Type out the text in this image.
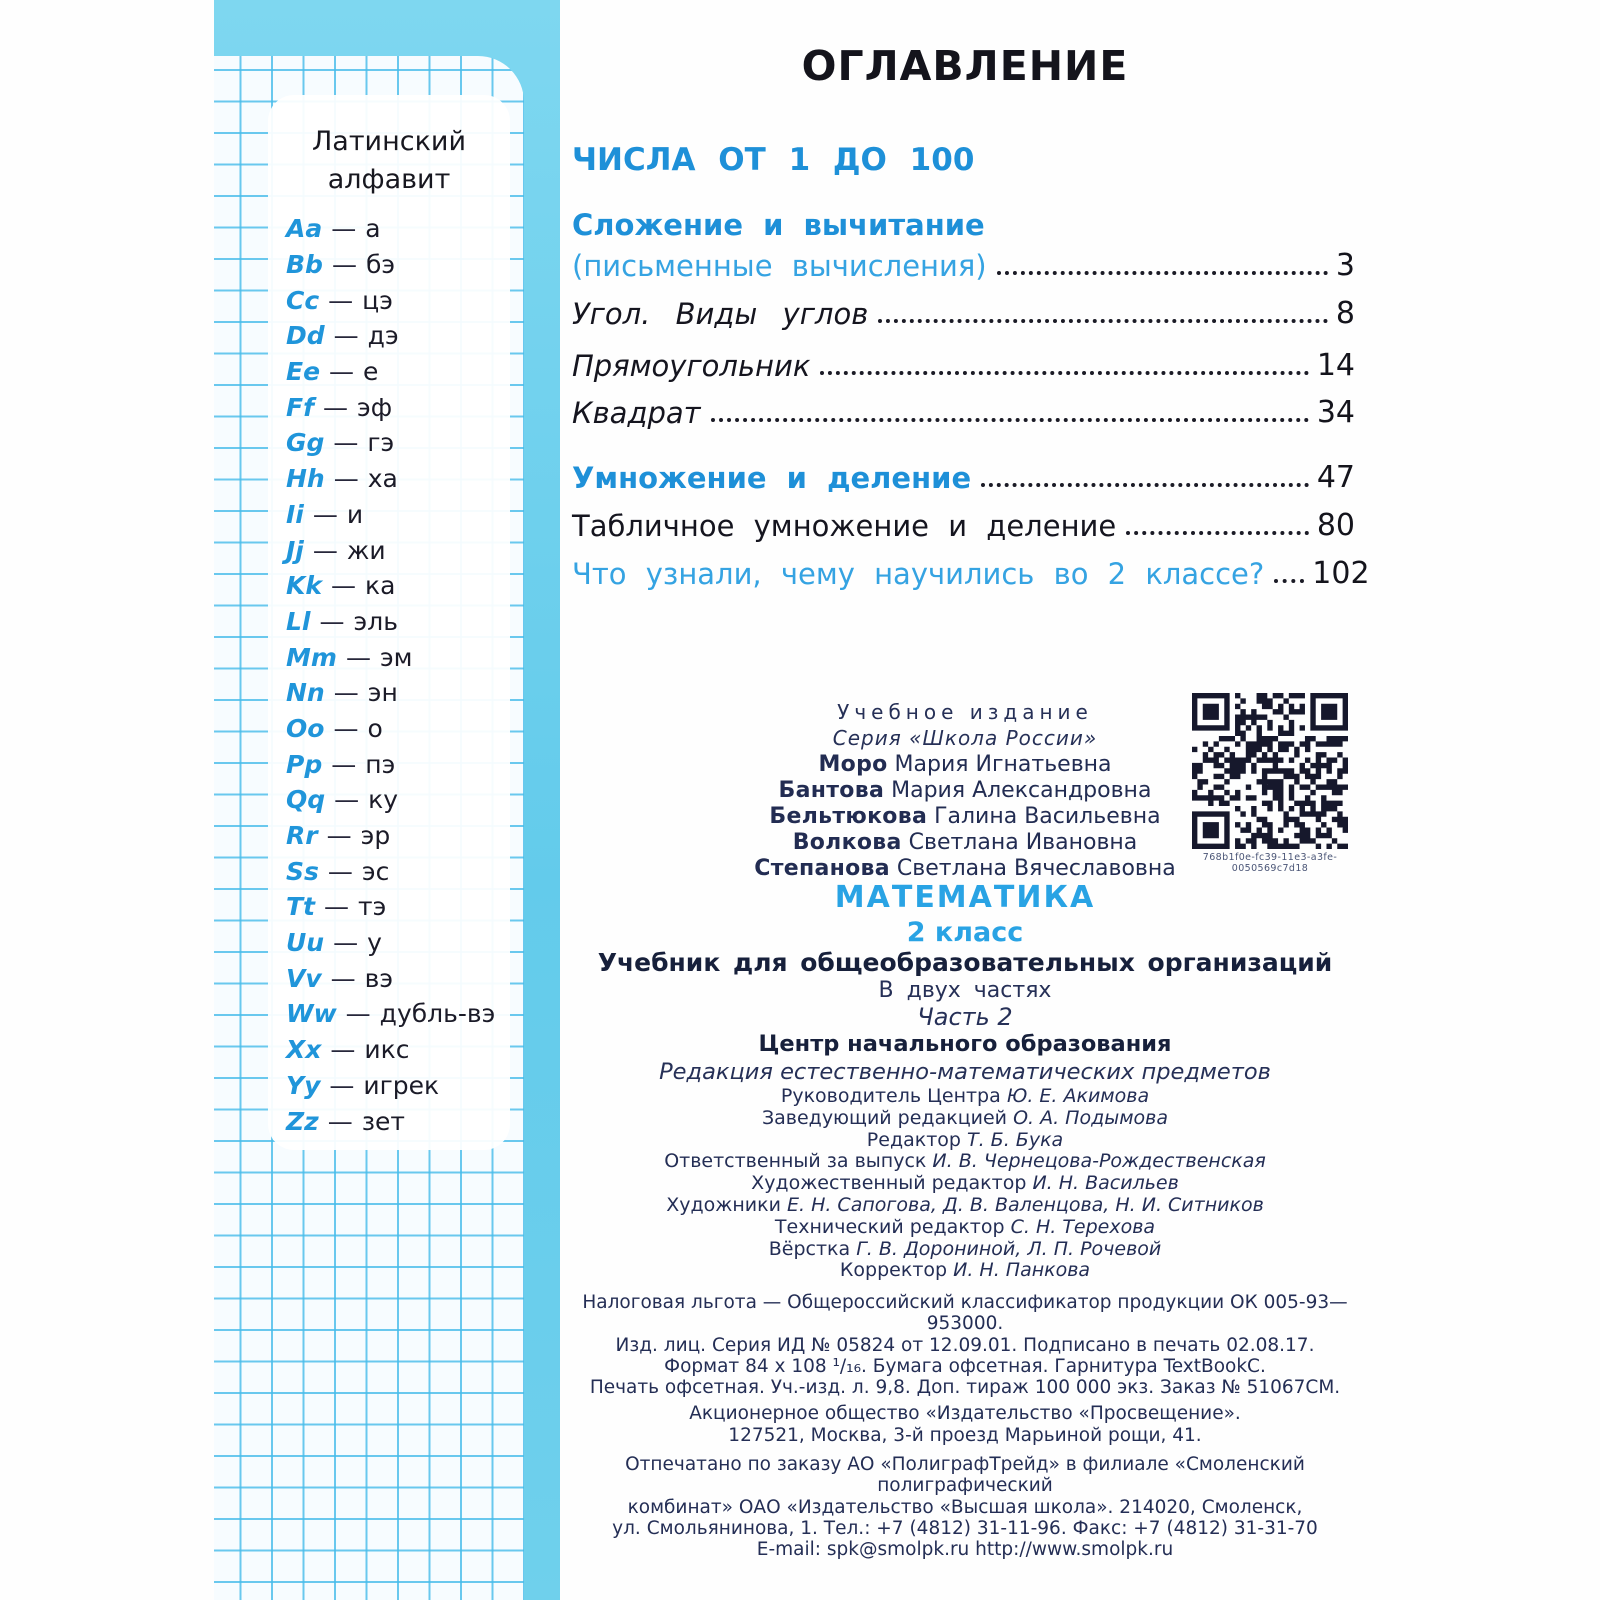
Латинский
алфавит
Aa — а
Bb — бэ
Cc — цэ
Dd — дэ
Ee — е
Ff — эф
Gg — гэ
Hh — ха
Ii — и
Jj — жи
Kk — ка
Ll — эль
Mm — эм
Nn — эн
Oo — о
Pp — пэ
Qq — ку
Rr — эр
Ss — эс
Tt — тэ
Uu — у
Vv — вэ
Ww — дубль-вэ
Xx — икс
Yy — игрек
Zz — зет
ОГЛАВЛЕНИЕ
ЧИСЛА ОТ 1 ДО 100
Сложение и вычитание
(письменные вычисления)	3
Угол. Виды углов	8
Прямоугольник	14
Квадрат	34
Умножение и деление	47
Табличное умножение и деление	80
Что узнали, чему научились во 2 классе? 102
Учебное издание
Серия «Школа России»
Моро Мария Игнатьевна
Бантова Мария Александровна
Бельтюкова Галина Васильевна
Волкова Светлана Ивановна
Степанова Светлана Вячеславовна
МАТЕМАТИКА
2 класс
Учебник для общеобразовательных организаций
В двух частях
Часть 2
Центр начального образования
Редакция естественно-математических предметов
Руководитель Центра Ю. Е. Акимова
Заведующий редакцией О. А. Подымова
Редактор Т. Б. Бука
Ответственный за выпуск И. В. Чернецова-Рождественская
Художественный редактор И. Н. Васильев
Художники Е. Н. Сапогова, Д. В. Валенцова, Н. И. Ситников
Технический редактор С. Н. Терехова
Вёрстка Г. В. Дорониной, Л. П. Рочевой
Корректор И. Н. Панкова
Налоговая льгота — Общероссийский классификатор продукции ОК 005-93—953000.
Изд. лиц. Серия ИД № 05824 от 12.09.01. Подписано в печать 02.08.17.
Формат 84 х 108 ¹/₁₆. Бумага офсетная. Гарнитура TextBookC.
Печать офсетная. Уч.-изд. л. 9,8. Доп. тираж 100 000 экз. Заказ № 51067СМ.
Акционерное общество «Издательство «Просвещение».
127521, Москва, 3-й проезд Марьиной рощи, 41.
Отпечатано по заказу АО «ПолиграфТрейд» в филиале «Смоленский полиграфический
комбинат» ОАО «Издательство «Высшая школа». 214020, Смоленск,
ул. Смольянинова, 1. Тел.: +7 (4812) 31-11-96. Факс: +7 (4812) 31-31-70
E-mail: spk@smolpk.ru http://www.smolpk.ru
768b1f0e-fc39-11e3-a3fe-0050569c7d18
